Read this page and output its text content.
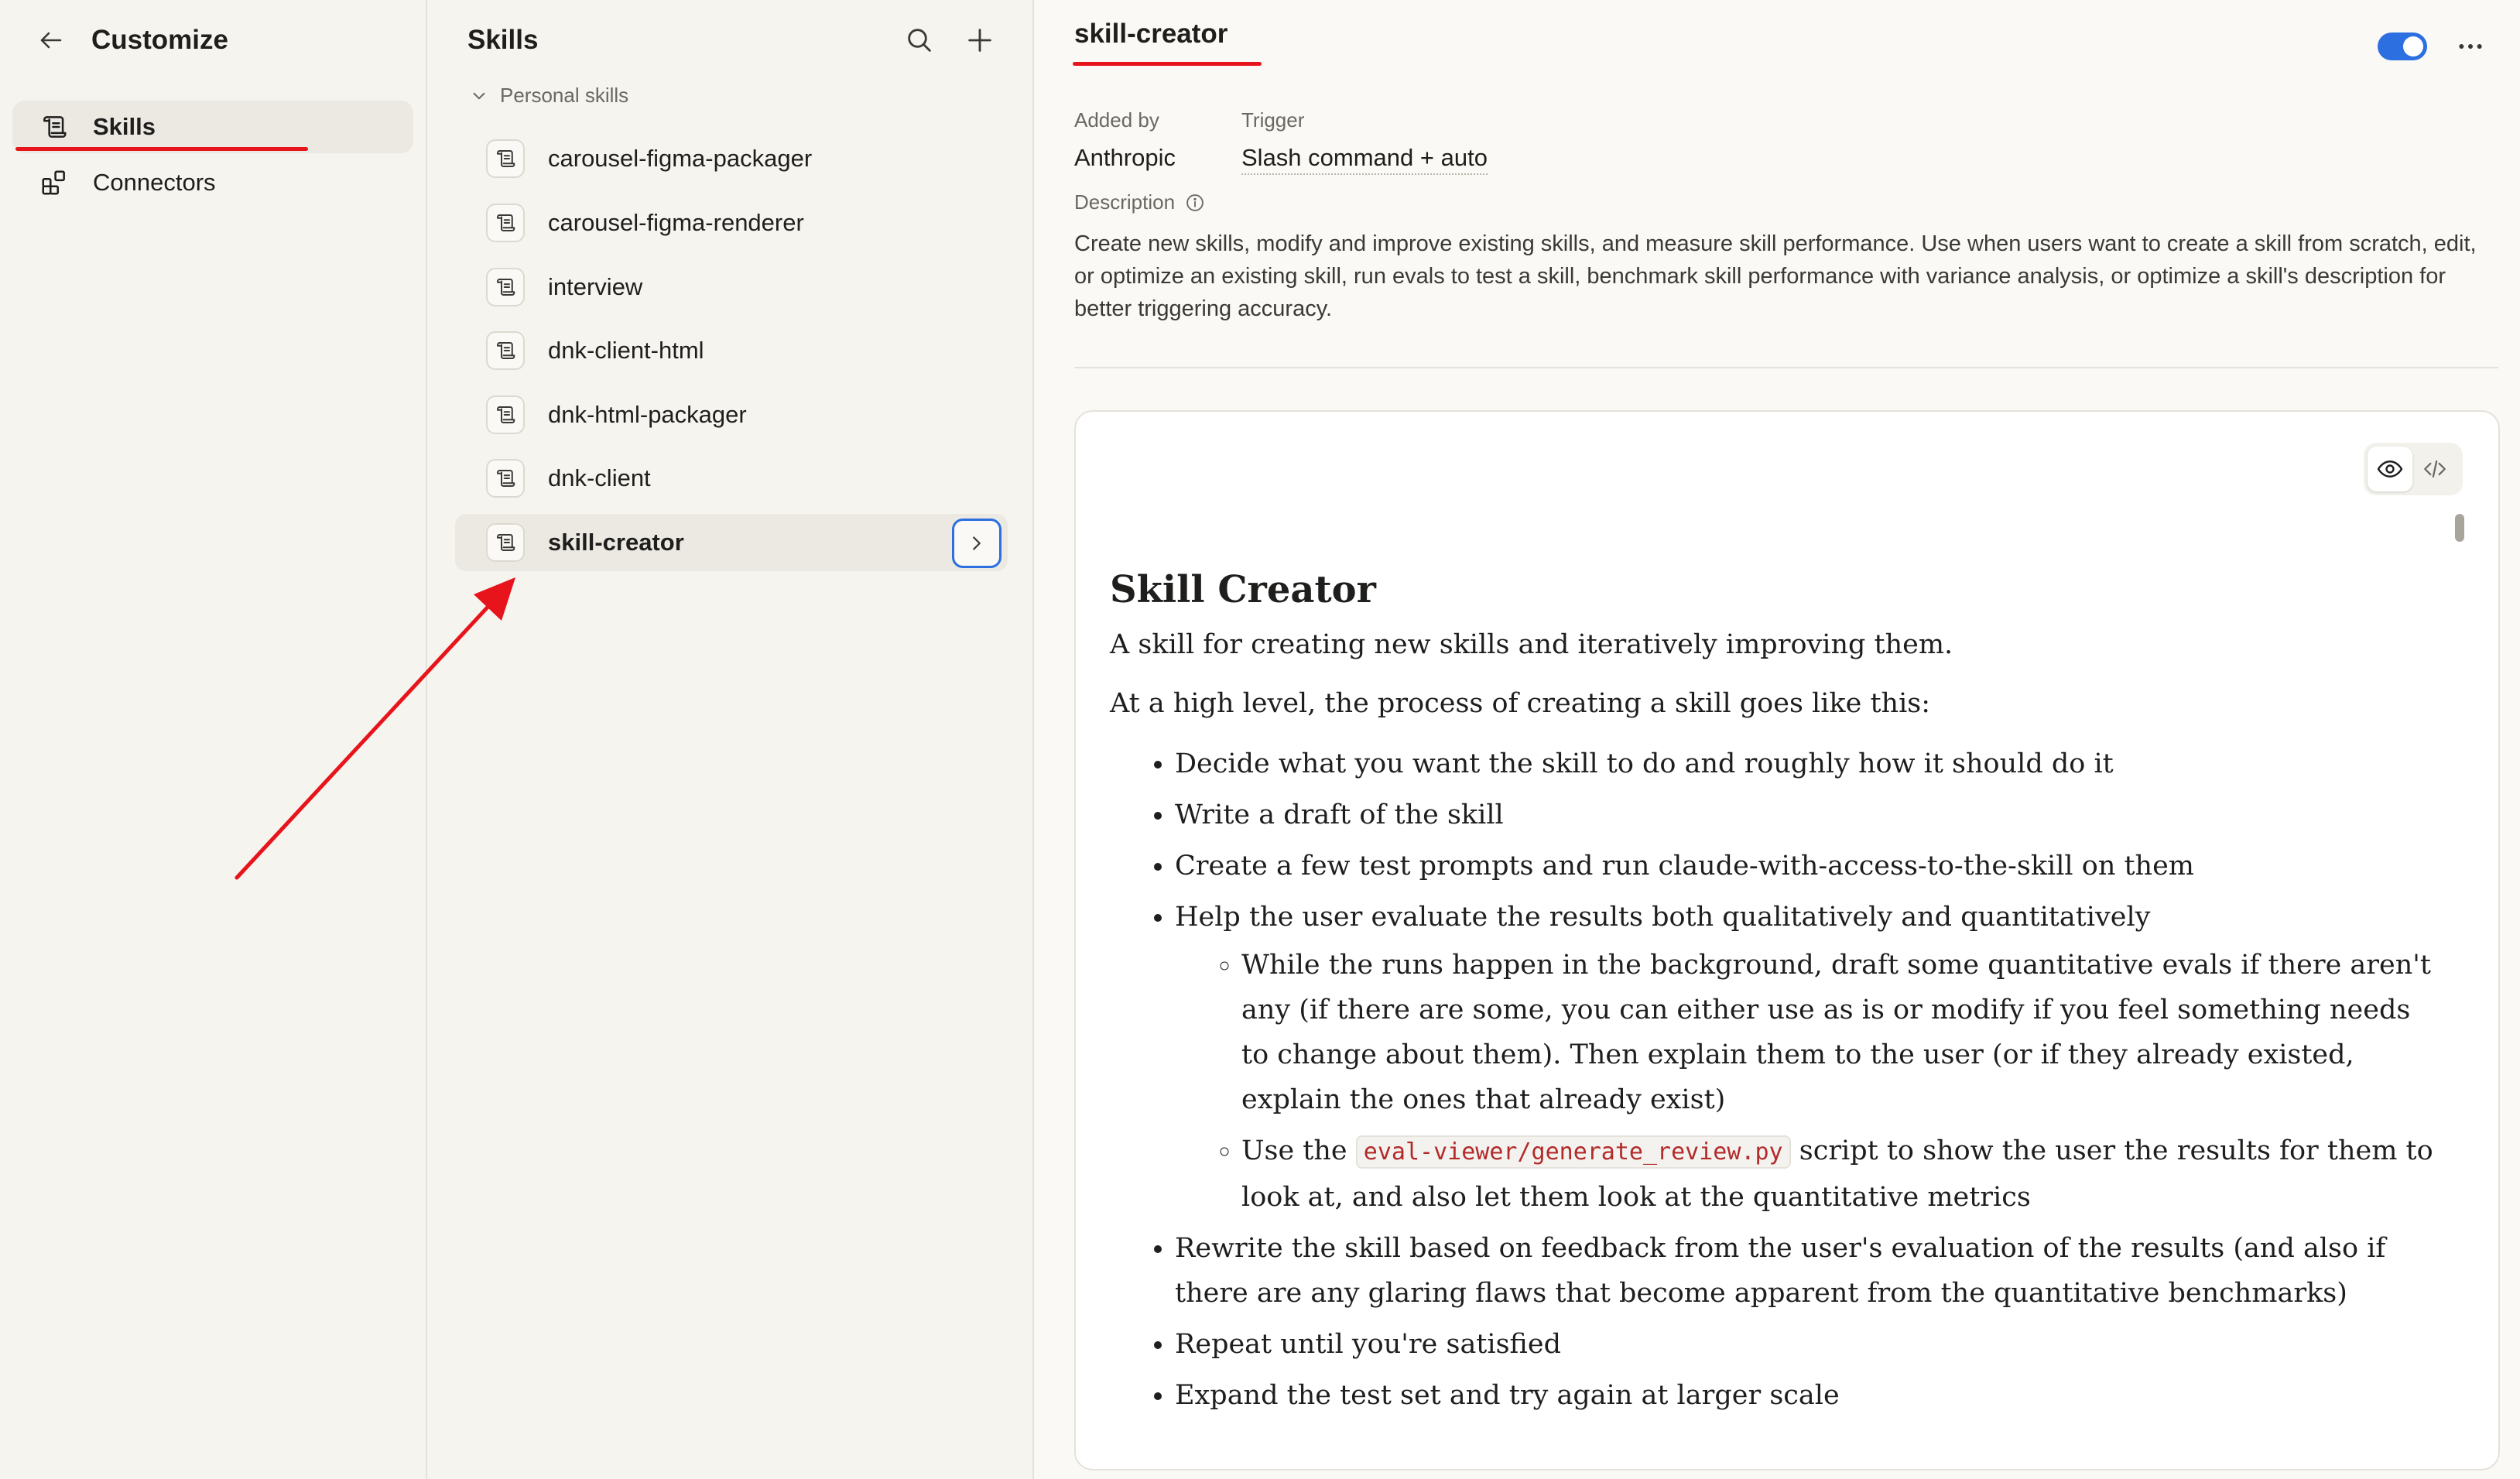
Customize
Skills
Connectors
Skills
Personal skills
carousel-figma-packager
carousel-figma-renderer
interview
dnk-client-html
dnk-html-packager
dnk-client
skill-creator
skill-creator
Added by
Anthropic
Trigger
Slash command + auto
Description
Create new skills, modify and improve existing skills, and measure skill performance. Use when users want to create a skill from scratch, edit, or optimize an existing skill, run evals to test a skill, benchmark skill performance with variance analysis, or optimize a skill's description for better triggering accuracy.
Skill Creator

A skill for creating new skills and iteratively improving them.

At a high level, the process of creating a skill goes like this:

• Decide what you want the skill to do and roughly how it should do it
• Write a draft of the skill
• Create a few test prompts and run claude-with-access-to-the-skill on them
• Help the user evaluate the results both qualitatively and quantitatively
◦ While the runs happen in the background, draft some quantitative evals if there aren't any (if there are some, you can either use as is or modify if you feel something needs to change about them). Then explain them to the user (or if they already existed, explain the ones that already exist)
◦ Use the eval-viewer/generate_review.py script to show the user the results for them to look at, and also let them look at the quantitative metrics
• Rewrite the skill based on feedback from the user's evaluation of the results (and also if there are any glaring flaws that become apparent from the quantitative benchmarks)
• Repeat until you're satisfied
• Expand the test set and try again at larger scale
